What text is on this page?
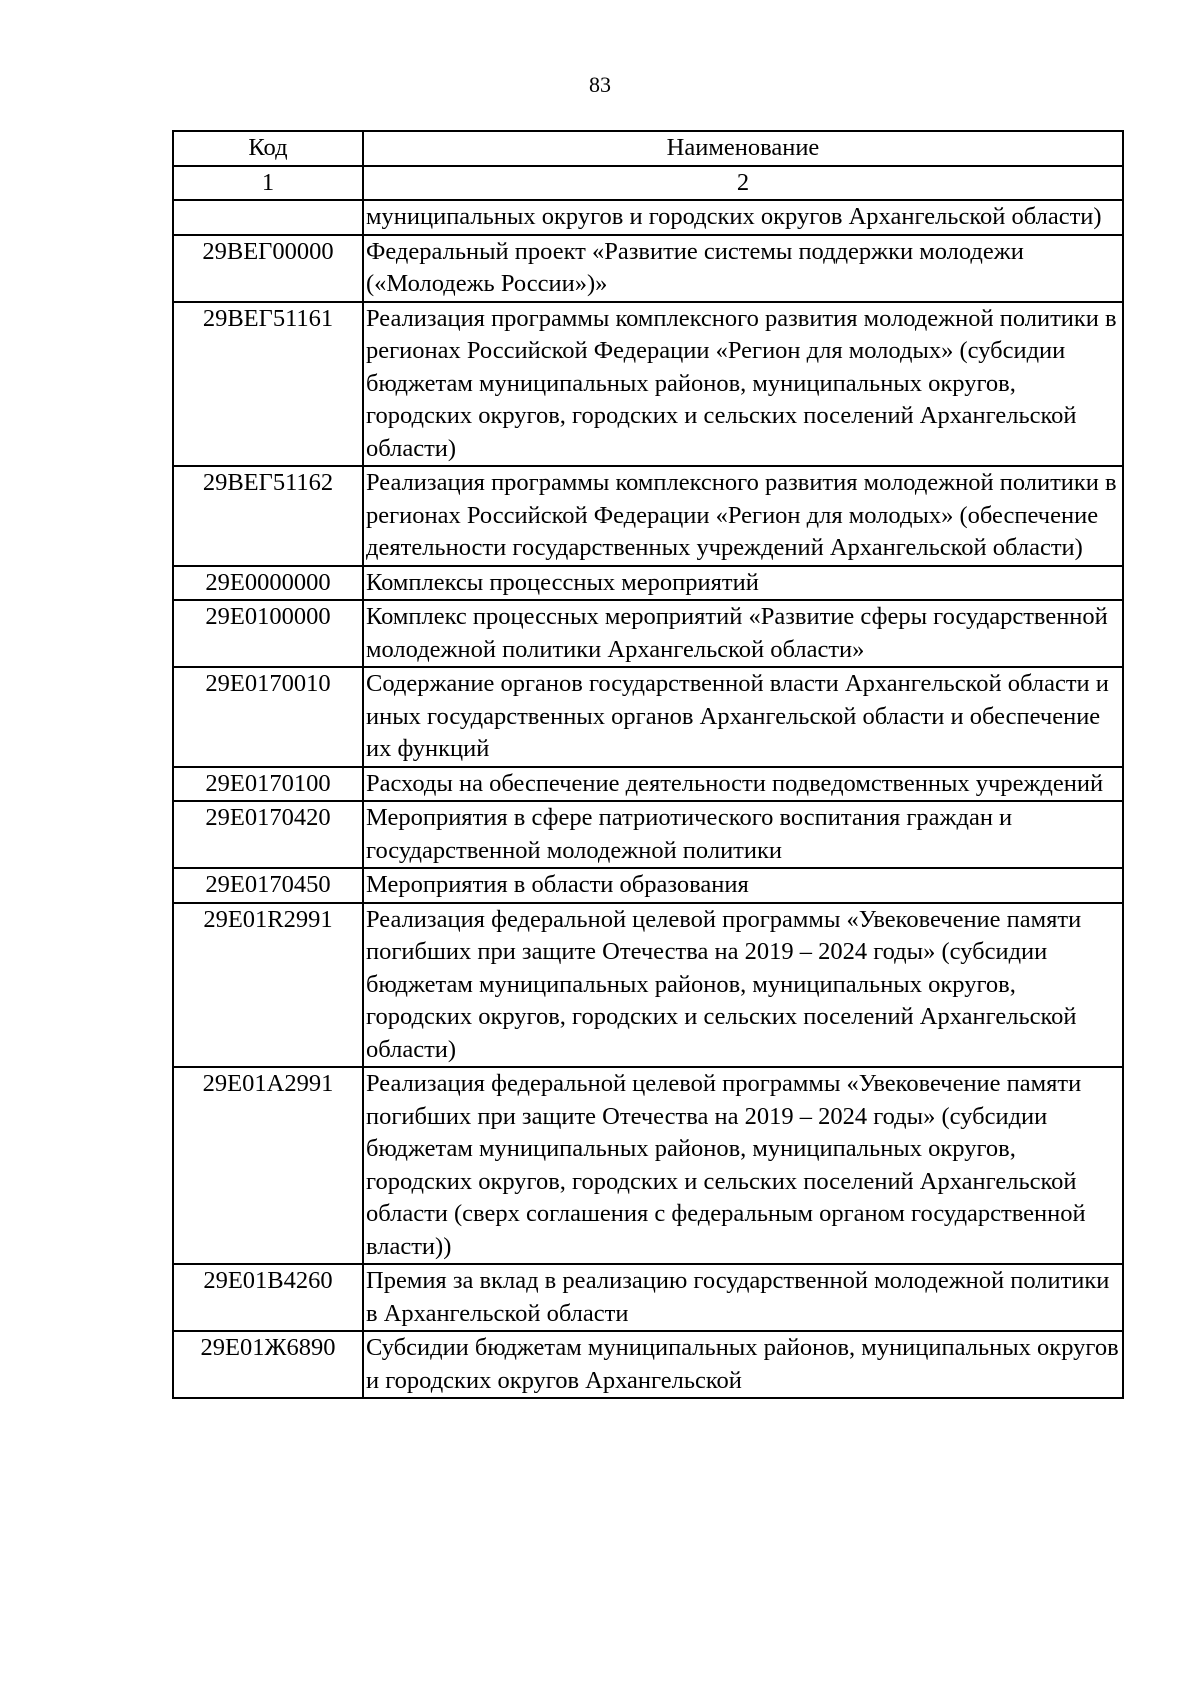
83
Код	Наименование
1	2
	муниципальных округов и городских округов Архангельской области)
29ВЕГ00000	Федеральный проект «Развитие системы поддержки молодежи («Молодежь России»)»
29ВЕГ51161	Реализация программы комплексного развития молодежной политики в регионах Российской Федерации «Регион для молодых» (субсидии бюджетам муниципальных районов, муниципальных округов, городских округов, городских и сельских поселений Архангельской области)
29ВЕГ51162	Реализация программы комплексного развития молодежной политики в регионах Российской Федерации «Регион для молодых» (обеспечение деятельности государственных учреждений Архангельской области)
29Е0000000	Комплексы процессных мероприятий
29Е0100000	Комплекс процессных мероприятий «Развитие сферы государственной молодежной политики Архангельской области»
29Е0170010	Содержание органов государственной власти Архангельской области и иных государственных органов Архангельской области и обеспечение их функций
29Е0170100	Расходы на обеспечение деятельности подведомственных учреждений
29Е0170420	Мероприятия в сфере патриотического воспитания граждан и государственной молодежной политики
29Е0170450	Мероприятия в области образования
29Е01R2991	Реализация федеральной целевой программы «Увековечение памяти погибших при защите Отечества на 2019 – 2024 годы» (субсидии бюджетам муниципальных районов, муниципальных округов, городских округов, городских и сельских поселений Архангельской области)
29Е01А2991	Реализация федеральной целевой программы «Увековечение памяти погибших при защите Отечества на 2019 – 2024 годы» (субсидии бюджетам муниципальных районов, муниципальных округов, городских округов, городских и сельских поселений Архангельской области (сверх соглашения с федеральным органом государственной власти))
29Е01В4260	Премия за вклад в реализацию государственной молодежной политики в Архангельской области
29Е01Ж6890	Субсидии бюджетам муниципальных районов, муниципальных округов и городских округов Архангельской
